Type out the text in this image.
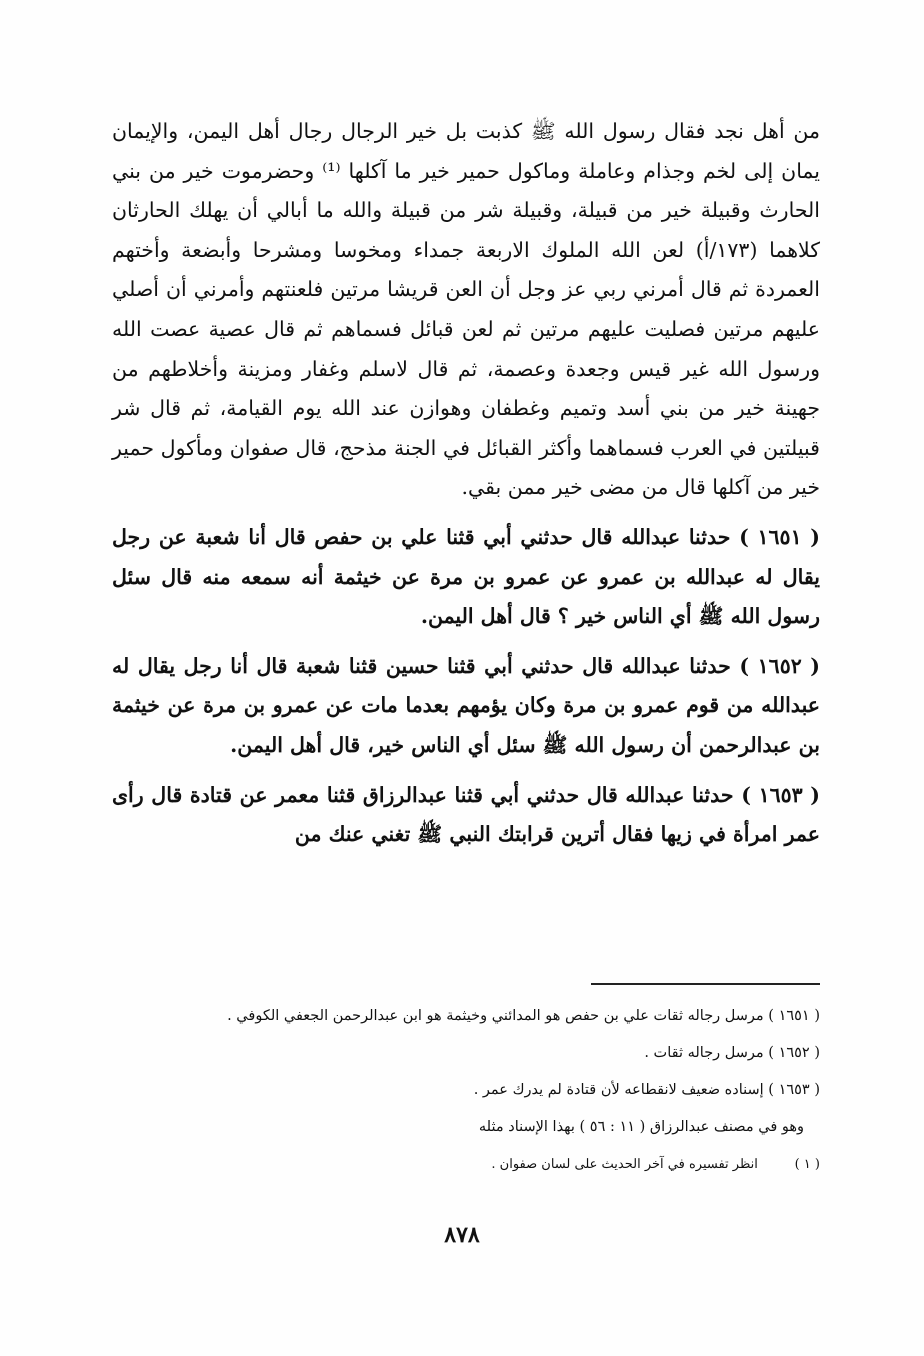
من أهل نجد فقال رسول الله ﷺ كذبت بل خير الرجال رجال أهل اليمن، والإيمان يمان إلى لخم وجذام وعاملة وماكول حمير خير ما آكلها ⁽¹⁾ وحضرموت خير من بني الحارث وقبيلة خير من قبيلة، وقبيلة شر من قبيلة والله ما أبالي أن يهلك الحارثان كلاهما (١٧٣/أ) لعن الله الملوك الاربعة جمداء ومخوسا ومشرحا وأبضعة وأختهم العمردة ثم قال أمرني ربي عز وجل أن العن قريشا مرتين فلعنتهم وأمرني أن أصلي عليهم مرتين فصليت عليهم مرتين ثم لعن قبائل فسماهم ثم قال عصية عصت الله ورسول الله غير قيس وجعدة وعصمة، ثم قال لاسلم وغفار ومزينة وأخلاطهم من جهينة خير من بني أسد وتميم وغطفان وهوازن عند الله يوم القيامة، ثم قال شر قبيلتين في العرب فسماهما وأكثر القبائل في الجنة مذحج، قال صفوان ومأكول حمير خير من آكلها قال من مضى خير ممن بقي.

( ١٦٥١ ) حدثنا عبدالله قال حدثني أبي قثنا علي بن حفص قال أنا شعبة عن رجل يقال له عبدالله بن عمرو عن عمرو بن مرة عن خيثمة أنه سمعه منه قال سئل رسول الله ﷺ أي الناس خير ؟ قال أهل اليمن.

( ١٦٥٢ ) حدثنا عبدالله قال حدثني أبي قثنا حسين قثنا شعبة قال أنا رجل يقال له عبدالله من قوم عمرو بن مرة وكان يؤمهم بعدما مات عن عمرو بن مرة عن خيثمة بن عبدالرحمن أن رسول الله ﷺ سئل أي الناس خير، قال أهل اليمن.

( ١٦٥٣ ) حدثنا عبدالله قال حدثني أبي قثنا عبدالرزاق قثنا معمر عن قتادة قال رأى عمر امرأة في زيها فقال أترين قرابتك النبي ﷺ تغني عنك من

( ١٦٥١ ) مرسل رجاله ثقات علي بن حفص هو المدائني وخيثمة هو ابن عبدالرحمن الجعفي الكوفي .

( ١٦٥٢ ) مرسل رجاله ثقات .

( ١٦٥٣ ) إسناده ضعيف لانقطاعه لأن قتادة لم يدرك عمر .

وهو في مصنف عبدالرزاق ( ١١ : ٥٦ ) بهذا الإسناد مثله

( ١ ) انظر تفسيره في آخر الحديث على لسان صفوان .

٨٧٨
